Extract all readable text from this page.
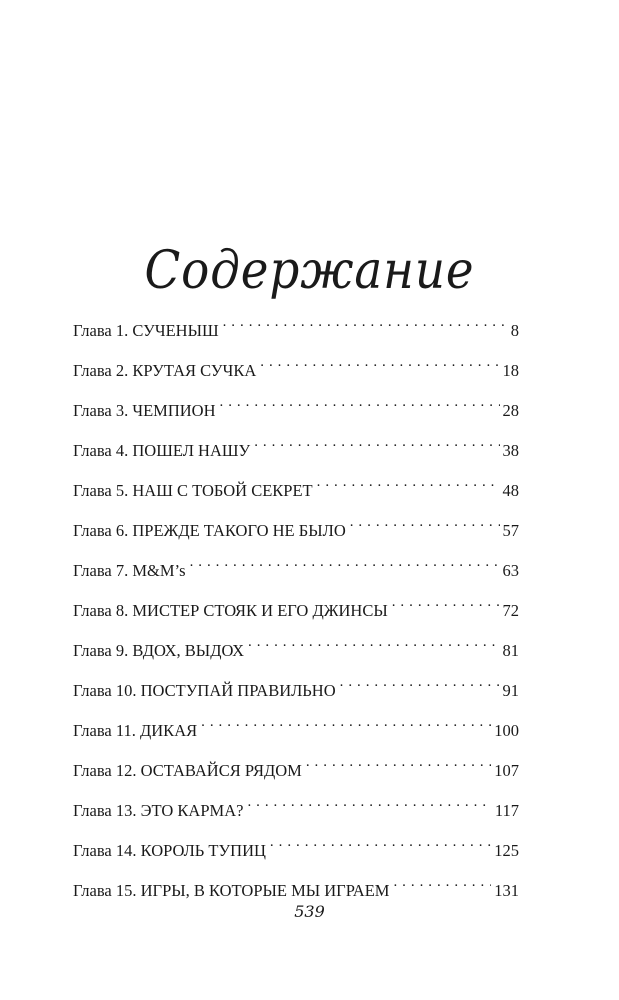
Содержание
Глава 1. СУЧЕНЫШ . . .	8
Глава 2. КРУТАЯ СУЧКА . . .	18
Глава 3. ЧЕМПИОН . . .	28
Глава 4. ПОШЕЛ НАШУ . . .	38
Глава 5. НАШ С ТОБОЙ СЕКРЕТ . . .	48
Глава 6. ПРЕЖДЕ ТАКОГО НЕ БЫЛО . . .	57
Глава 7. M&M’s . . .	63
Глава 8. МИСТЕР СТОЯК И ЕГО ДЖИНСЫ . . .	72
Глава 9. ВДОХ, ВЫДОХ . . .	81
Глава 10. ПОСТУПАЙ ПРАВИЛЬНО . . .	91
Глава 11. ДИКАЯ . . .	100
Глава 12. ОСТАВАЙСЯ РЯДОМ . . .	107
Глава 13. ЭТО КАРМА? . . .	117
Глава 14. КОРОЛЬ ТУПИЦ . . .	125
Глава 15. ИГРЫ, В КОТОРЫЕ МЫ ИГРАЕМ . . .	131
539
